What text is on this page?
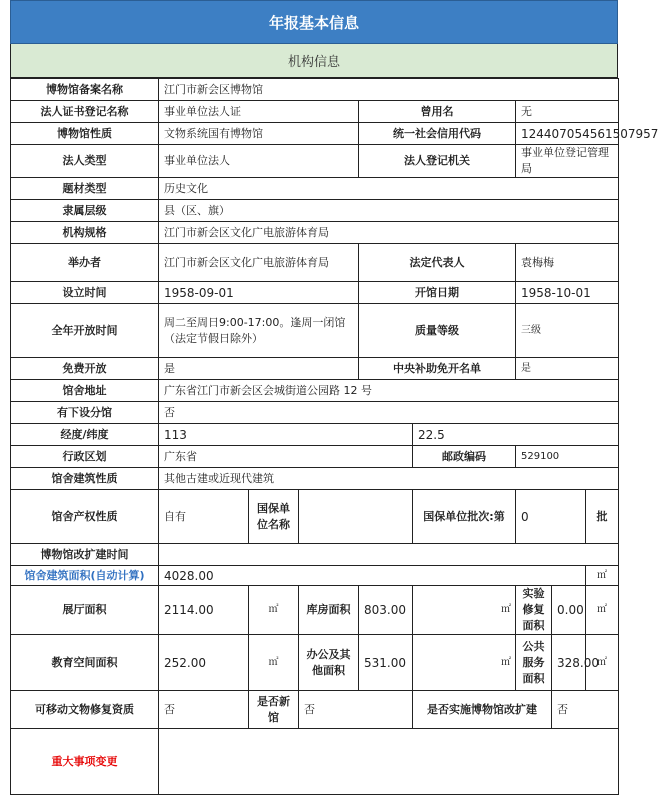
年报基本信息
机构信息
博物馆备案名称	江门市新会区博物馆							
法人证书登记名称	事业单位法人证			曾用名		无		
博物馆性质	文物系统国有博物馆			统一社会信用代码		124407054561507957		
法人类型	事业单位法人			法人登记机关		事业单位登记管理局		
题材类型	历史文化							
隶属层级	县（区、旗）							
机构规格	江门市新会区文化广电旅游体育局							
举办者	江门市新会区文化广电旅游体育局			法定代表人		袁梅梅		
设立时间	1958-09-01			开馆日期		1958-10-01		
全年开放时间	周二至周日9:00-17:00。逢周一闭馆（法定节假日除外）			质量等级		三级		
免费开放	是			中央补助免开名单		是		
馆舍地址	广东省江门市新会区会城街道公园路 12 号							
有下设分馆	否							
经度/纬度	113				22.5			
行政区划	广东省				邮政编码	529100		
馆舍建筑性质	其他古建或近现代建筑							
馆舍产权性质	自有	国保单位名称			国保单位批次:第	0		批
博物馆改扩建时间								
馆舍建筑面积(自动计算)	4028.00							㎡
展厅面积	2114.00	㎡	库房面积	803.00	㎡	实验修复面积	0.00	㎡
教育空间面积	252.00	㎡	办公及其他面积	531.00	㎡	公共服务面积	328.00	㎡
可移动文物修复资质	否	是否新馆	否		是否实施博物馆改扩建		否	
重大事项变更								
